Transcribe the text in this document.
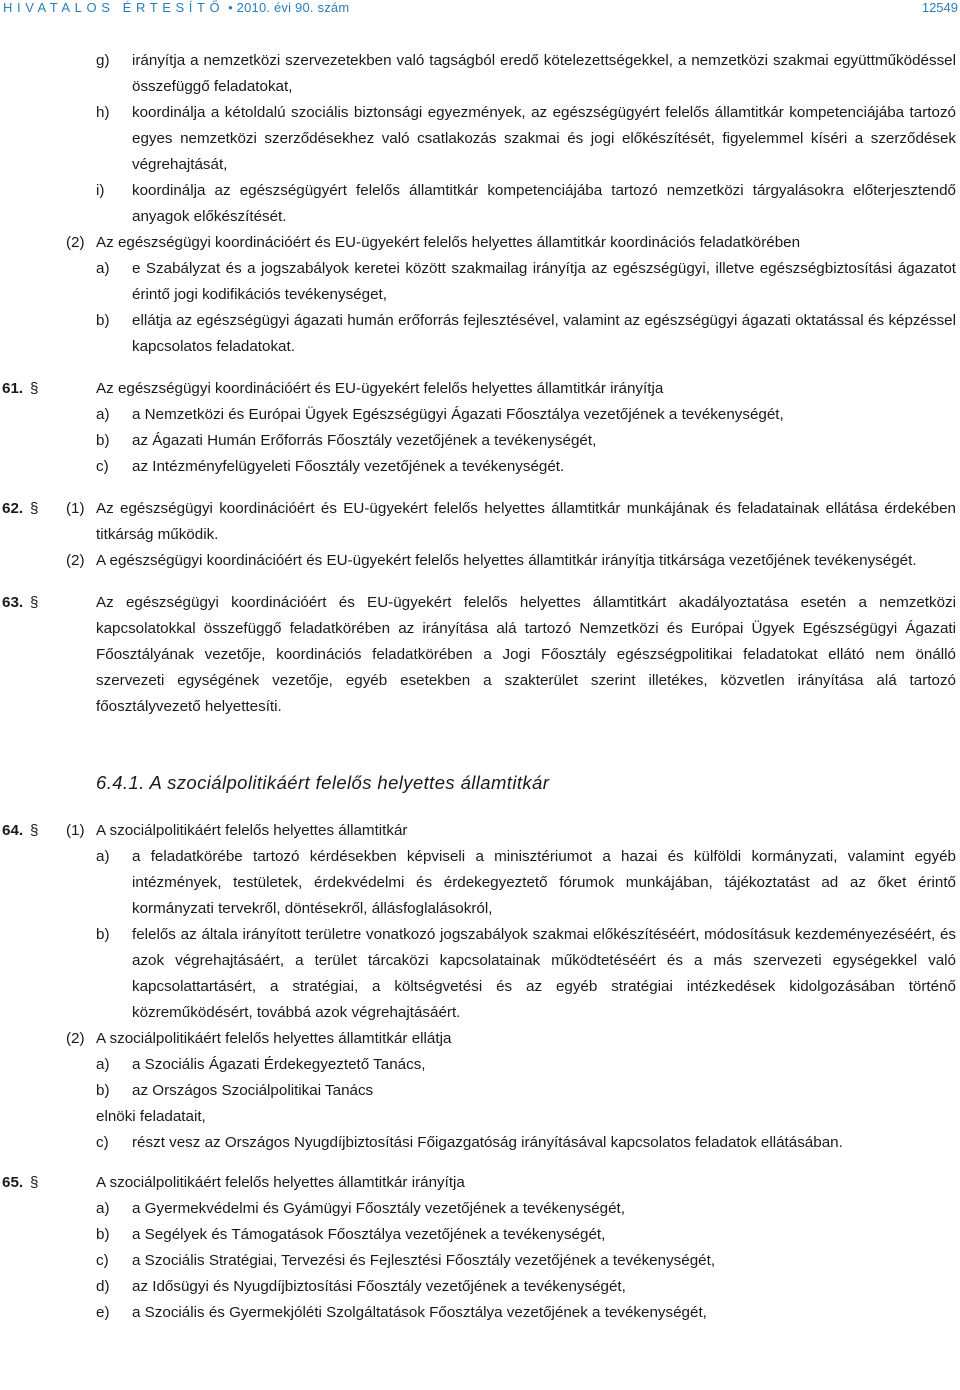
HIVATALOS ÉRTESÍTŐ • 2010. évi 90. szám	12549
g) irányítja a nemzetközi szervezetekben való tagságból eredő kötelezettségekkel, a nemzetközi szakmai együttműködéssel összefüggő feladatokat,
h) koordinálja a kétoldalú szociális biztonsági egyezmények, az egészségügyért felelős államtitkár kompetenciájába tartozó egyes nemzetközi szerződésekhez való csatlakozás szakmai és jogi előkészítését, figyelemmel kíséri a szerződések végrehajtását,
i) koordinálja az egészségügyért felelős államtitkár kompetenciájába tartozó nemzetközi tárgyalásokra előterjesztendő anyagok előkészítését.
(2) Az egészségügyi koordinációért és EU-ügyekért felelős helyettes államtitkár koordinációs feladatkörében
a) e Szabályzat és a jogszabályok keretei között szakmailag irányítja az egészségügyi, illetve egészségbiztosítási ágazatot érintő jogi kodifikációs tevékenységet,
b) ellátja az egészségügyi ágazati humán erőforrás fejlesztésével, valamint az egészségügyi ágazati oktatással és képzéssel kapcsolatos feladatokat.
61. §	Az egészségügyi koordinációért és EU-ügyekért felelős helyettes államtitkár irányítja
a) a Nemzetközi és Európai Ügyek Egészségügyi Ágazati Főosztálya vezetőjének a tevékenységét,
b) az Ágazati Humán Erőforrás Főosztály vezetőjének a tevékenységét,
c) az Intézményfelügyeleti Főosztály vezetőjének a tevékenységét.
62. § (1) Az egészségügyi koordinációért és EU-ügyekért felelős helyettes államtitkár munkájának és feladatainak ellátása érdekében titkárság működik.
(2) A egészségügyi koordinációért és EU-ügyekért felelős helyettes államtitkár irányítja titkársága vezetőjének tevékenységét.
63. §	Az egészségügyi koordinációért és EU-ügyekért felelős helyettes államtitkárt akadályoztatása esetén a nemzetközi kapcsolatokkal összefüggő feladatkörében az irányítása alá tartozó Nemzetközi és Európai Ügyek Egészségügyi Ágazati Főosztályának vezetője, koordinációs feladatkörében a Jogi Főosztály egészségpolitikai feladatokat ellátó nem önálló szervezeti egységének vezetője, egyéb esetekben a szakterület szerint illetékes, közvetlen irányítása alá tartozó főosztályvezető helyettesíti.
6.4.1. A szociálpolitikáért felelős helyettes államtitkár
64. § (1) A szociálpolitikáért felelős helyettes államtitkár
a) a feladatkörébe tartozó kérdésekben képviseli a minisztériumot a hazai és külföldi kormányzati, valamint egyéb intézmények, testületek, érdekvédelmi és érdekegyeztető fórumok munkájában, tájékoztatást ad az őket érintő kormányzati tervekről, döntésekről, állásfoglalásokról,
b) felelős az általa irányított területre vonatkozó jogszabályok szakmai előkészítéséért, módosításuk kezdeményezéséért, és azok végrehajtásáért, a terület tárcaközi kapcsolatainak működtetéséért és a más szervezeti egységekkel való kapcsolattartásért, a stratégiai, a költségvetési és az egyéb stratégiai intézkedések kidolgozásában történő közreműködésért, továbbá azok végrehajtásáért.
(2) A szociálpolitikáért felelős helyettes államtitkár ellátja
a) a Szociális Ágazati Érdekegyeztető Tanács,
b) az Országos Szociálpolitikai Tanács
elnöki feladatait,
c) részt vesz az Országos Nyugdíjbiztosítási Főigazgatóság irányításával kapcsolatos feladatok ellátásában.
65. §	A szociálpolitikáért felelős helyettes államtitkár irányítja
a) a Gyermekvédelmi és Gyámügyi Főosztály vezetőjének a tevékenységét,
b) a Segélyek és Támogatások Főosztálya vezetőjének a tevékenységét,
c) a Szociális Stratégiai, Tervezési és Fejlesztési Főosztály vezetőjének a tevékenységét,
d) az Idősügyi és Nyugdíjbiztosítási Főosztály vezetőjének a tevékenységét,
e) a Szociális és Gyermekjóléti Szolgáltatások Főosztálya vezetőjének a tevékenységét,
